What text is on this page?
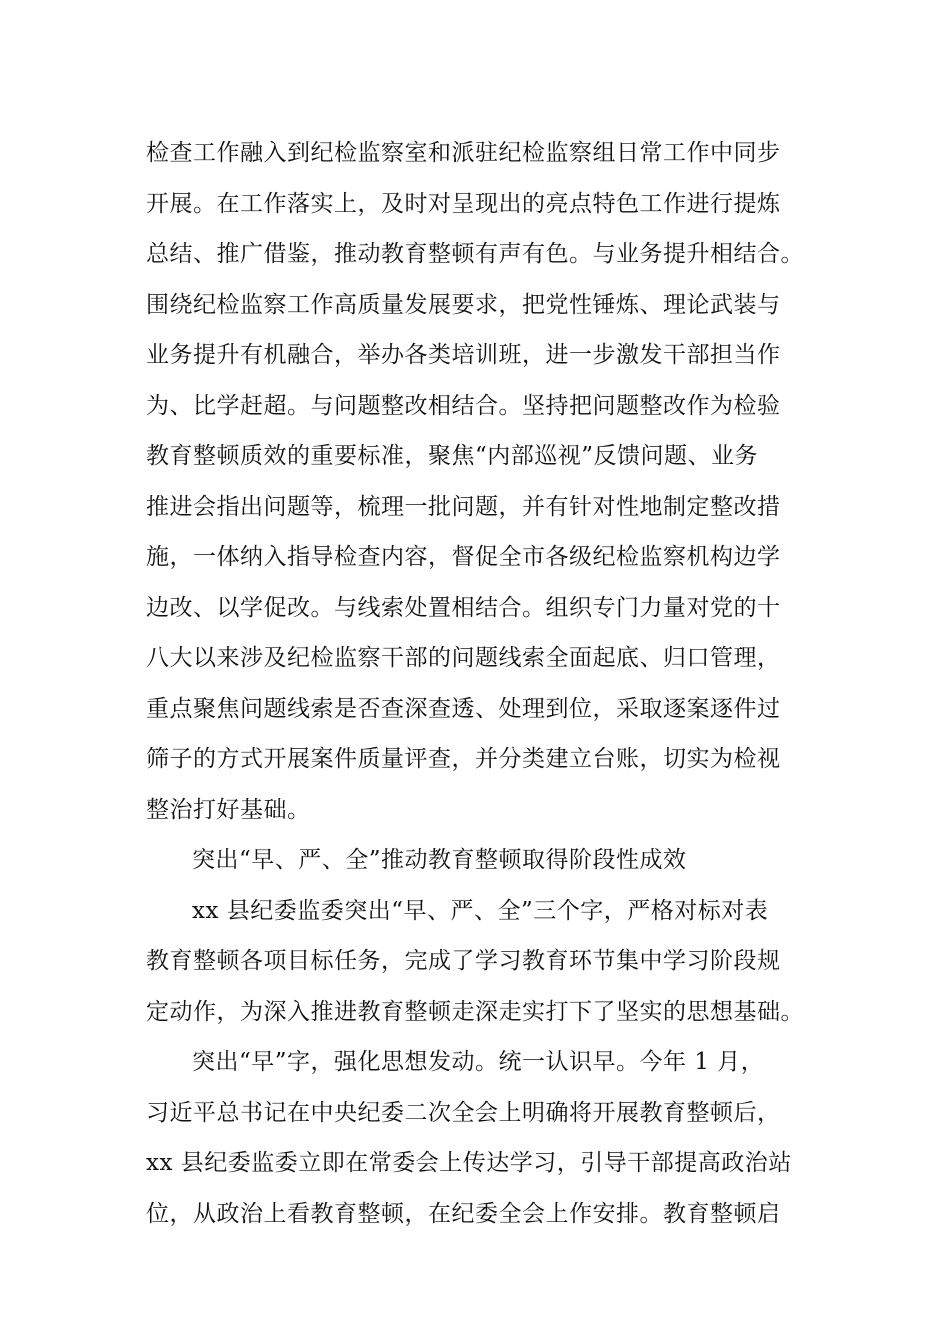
检查工作融入到纪检监察室和派驻纪检监察组日常工作中同步
开展。在工作落实上，及时对呈现出的亮点特色工作进行提炼
总结、推广借鉴，推动教育整顿有声有色。与业务提升相结合。
围绕纪检监察工作高质量发展要求，把党性锤炼、理论武装与
业务提升有机融合，举办各类培训班，进一步激发干部担当作
为、比学赶超。与问题整改相结合。坚持把问题整改作为检验
教育整顿质效的重要标准，聚焦“内部巡视”反馈问题、业务
推进会指出问题等，梳理一批问题，并有针对性地制定整改措
施，一体纳入指导检查内容，督促全市各级纪检监察机构边学
边改、以学促改。与线索处置相结合。组织专门力量对党的十
八大以来涉及纪检监察干部的问题线索全面起底、归口管理，
重点聚焦问题线索是否查深查透、处理到位，采取逐案逐件过
筛子的方式开展案件质量评查，并分类建立台账，切实为检视
整治打好基础。
突出“早、严、全”推动教育整顿取得阶段性成效
xx 县纪委监委突出“早、严、全”三个字，严格对标对表
教育整顿各项目标任务，完成了学习教育环节集中学习阶段规
定动作，为深入推进教育整顿走深走实打下了坚实的思想基础。
突出“早”字，强化思想发动。统一认识早。今年 1 月，
习近平总书记在中央纪委二次全会上明确将开展教育整顿后，
xx 县纪委监委立即在常委会上传达学习，引导干部提高政治站
位，从政治上看教育整顿，在纪委全会上作安排。教育整顿启
